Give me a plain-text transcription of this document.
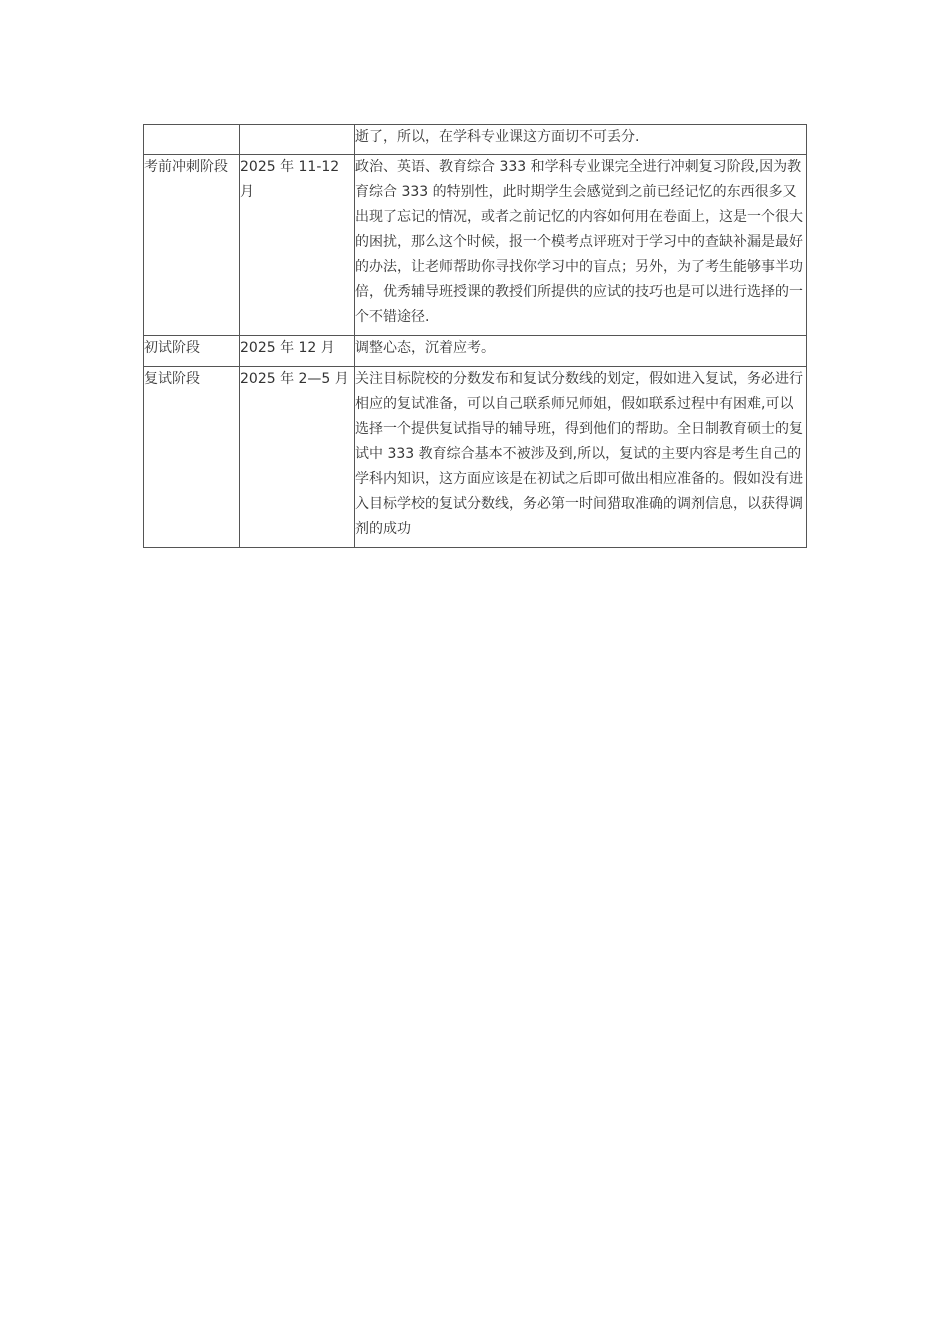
		逝了，所以，在学科专业课这方面切不可丢分.
考前冲刺阶段	2025 年 11-12 月	政治、英语、教育综合 333 和学科专业课完全进行冲刺复习阶段,因为教育综合 333 的特别性，此时期学生会感觉到之前已经记忆的东西很多又出现了忘记的情况，或者之前记忆的内容如何用在卷面上，这是一个很大的困扰，那么这个时候，报一个模考点评班对于学习中的查缺补漏是最好的办法，让老师帮助你寻找你学习中的盲点；另外，为了考生能够事半功倍，优秀辅导班授课的教授们所提供的应试的技巧也是可以进行选择的一个不错途径.
初试阶段	2025 年 12 月	调整心态，沉着应考。
复试阶段	2025 年 2—5 月	关注目标院校的分数发布和复试分数线的划定，假如进入复试，务必进行相应的复试准备，可以自己联系师兄师姐，假如联系过程中有困难,可以选择一个提供复试指导的辅导班，得到他们的帮助。全日制教育硕士的复试中 333 教育综合基本不被涉及到,所以，复试的主要内容是考生自己的学科内知识，这方面应该是在初试之后即可做出相应准备的。假如没有进入目标学校的复试分数线，务必第一时间猎取准确的调剂信息，以获得调剂的成功
